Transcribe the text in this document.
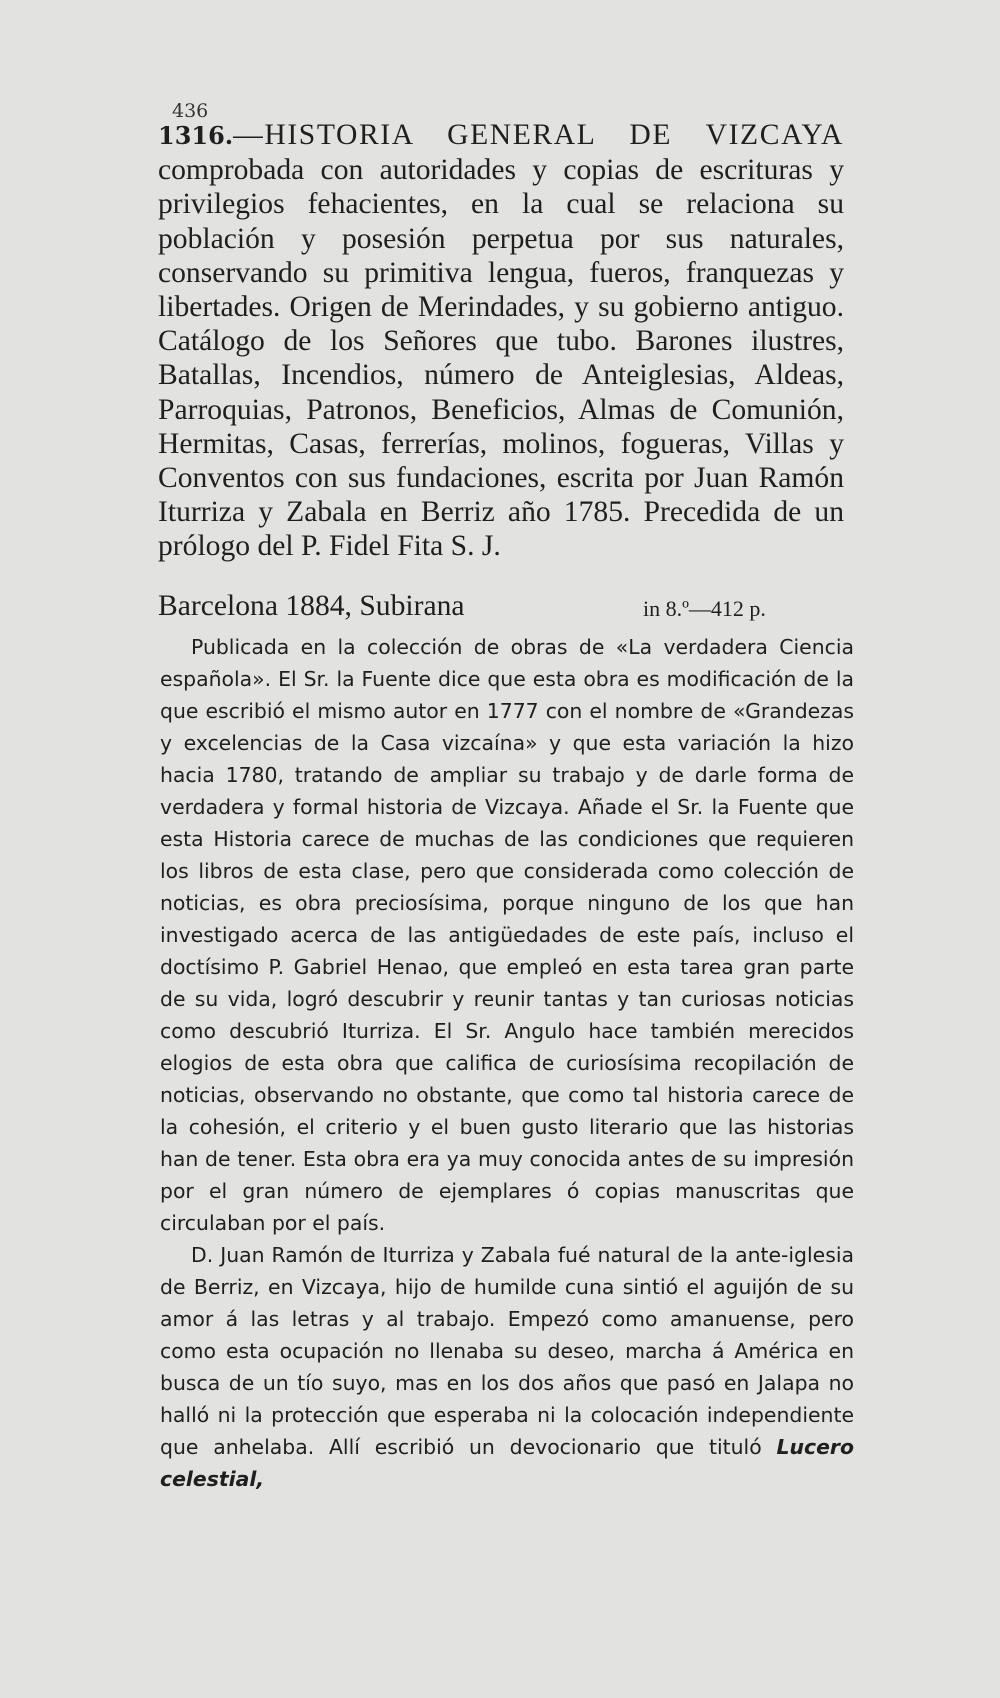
436

1316.—HISTORIA GENERAL DE VIZCAYA comprobada con autoridades y copias de escrituras y privilegios fehacientes, en la cual se relaciona su población y posesión perpetua por sus naturales, conservando su primitiva lengua, fueros, franquezas y libertades. Origen de Merindades, y su gobierno antiguo. Catálogo de los Señores que tubo. Barones ilustres, Batallas, Incendios, número de Anteiglesias, Aldeas, Parroquias, Patronos, Beneficios, Almas de Comunión, Hermitas, Casas, ferrerías, molinos, fogueras, Villas y Conventos con sus fundaciones, escrita por Juan Ramón Iturriza y Zabala en Berriz año 1785. Precedida de un prólogo del P. Fidel Fita S. J.

Barcelona 1884, Subirana	in 8.º—412 p.

Publicada en la colección de obras de «La verdadera Ciencia española». El Sr. la Fuente dice que esta obra es modificación de la que escribió el mismo autor en 1777 con el nombre de «Grandezas y excelencias de la Casa vizcaína» y que esta variación la hizo hacia 1780, tratando de ampliar su trabajo y de darle forma de verdadera y formal historia de Vizcaya. Añade el Sr. la Fuente que esta Historia carece de muchas de las condiciones que requieren los libros de esta clase, pero que considerada como colección de noticias, es obra preciosísima, porque ninguno de los que han investigado acerca de las antigüedades de este país, incluso el doctísimo P. Gabriel Henao, que empleó en esta tarea gran parte de su vida, logró descubrir y reunir tantas y tan curiosas noticias como descubrió Iturriza. El Sr. Angulo hace también merecidos elogios de esta obra que califica de curiosísima recopilación de noticias, observando no obstante, que como tal historia carece de la cohesión, el criterio y el buen gusto literario que las historias han de tener. Esta obra era ya muy conocida antes de su impresión por el gran número de ejemplares ó copias manuscritas que circulaban por el país.

D. Juan Ramón de Iturriza y Zabala fué natural de la ante-iglesia de Berriz, en Vizcaya, hijo de humilde cuna sintió el aguijón de su amor á las letras y al trabajo. Empezó como amanuense, pero como esta ocupación no llenaba su deseo, marcha á América en busca de un tío suyo, mas en los dos años que pasó en Jalapa no halló ni la protección que esperaba ni la colocación independiente que anhelaba. Allí escribió un devocionario que tituló Lucero celestial,
